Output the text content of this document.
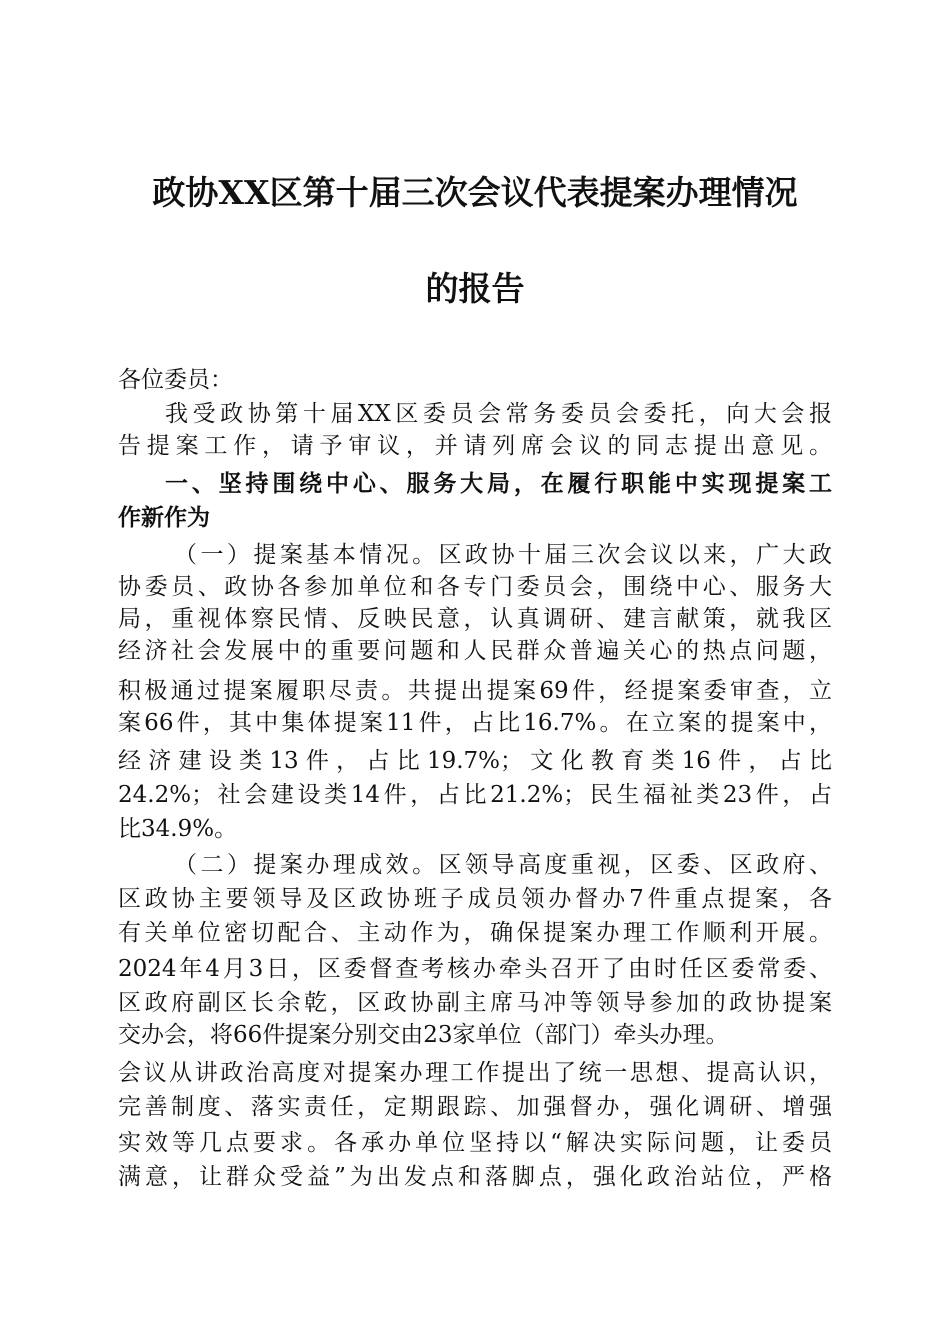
政协XX区第十届三次会议代表提案办理情况
的报告
各位委员：
我受政协第十届XX区委员会常务委员会委托，向大会报
告提案工作，请予审议，并请列席会议的同志提出意见。
一、坚持围绕中心、服务大局，在履行职能中实现提案工
作新作为
（一）提案基本情况。区政协十届三次会议以来，广大政
协委员、政协各参加单位和各专门委员会，围绕中心、服务大
局，重视体察民情、反映民意，认真调研、建言献策，就我区
经济社会发展中的重要问题和人民群众普遍关心的热点问题，
积极通过提案履职尽责。共提出提案69件，经提案委审查，立
案66件，其中集体提案11件，占比16.7%。在立案的提案中，
经济建设类13件，占比19.7%；文化教育类16件，占比
24.2%；社会建设类14件，占比21.2%；民生福祉类23件，占
比34.9%。
（二）提案办理成效。区领导高度重视，区委、区政府、
区政协主要领导及区政协班子成员领办督办7件重点提案，各
有关单位密切配合、主动作为，确保提案办理工作顺利开展。
2024年4月3日，区委督查考核办牵头召开了由时任区委常委、
区政府副区长余乾，区政协副主席马冲等领导参加的政协提案
交办会，将66件提案分别交由23家单位（部门）牵头办理。
会议从讲政治高度对提案办理工作提出了统一思想、提高认识，
完善制度、落实责任，定期跟踪、加强督办，强化调研、增强
实效等几点要求。各承办单位坚持以“解决实际问题，让委员
满意，让群众受益”为出发点和落脚点，强化政治站位，严格
